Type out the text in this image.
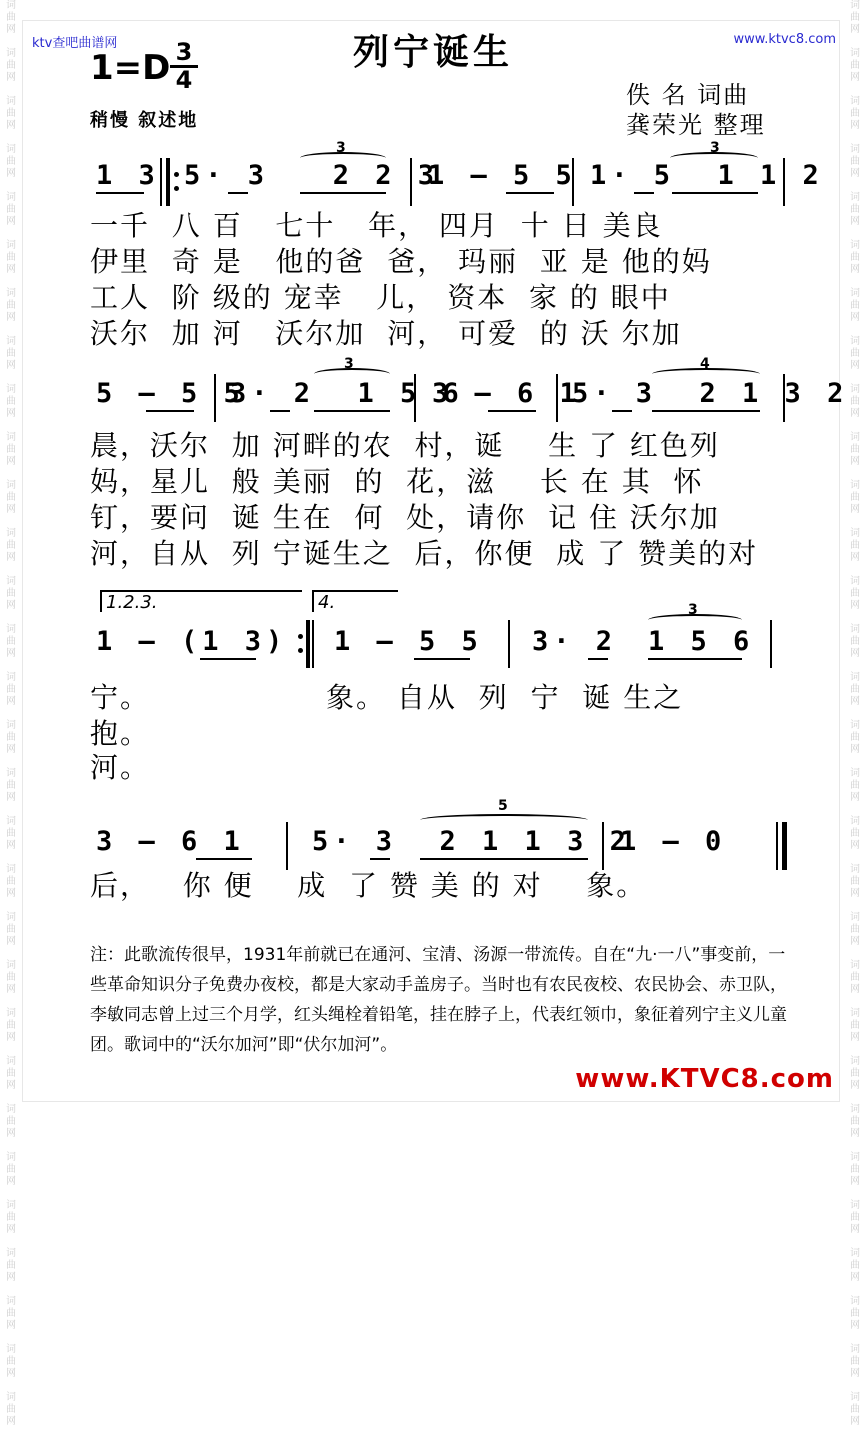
词
曲
网

词
曲
网

词
曲
网

词
曲
网

词
曲
网

词
曲
网

词
曲
网

词
曲
网

词
曲
网

词
曲
网

词
曲
网

词
曲
网

词
曲
网

词
曲
网

词
曲
网

词
曲
网

词
曲
网

词
曲
网

词
曲
网

词
曲
网

词
曲
网

词
曲
网

词
曲
网

词
曲
网

词
曲
网

词
曲
网

词
曲
网

词
曲
网

词
曲
网

词
曲
网

词
曲
网

词
曲
网

词
曲
网

词
曲
网

词
曲
网

词
曲
网

词
曲
网

词
曲
网

词
曲
网

词
曲
网

词
曲
网

词
曲
网

词
曲
网

词
曲
网

词
曲
网

词
曲
网

词
曲
网

词
曲
网

词
曲
网

词
曲
网

词
曲
网

词
曲
网

词
曲
网

词
曲
网

词
曲
网

词
曲
网

词
曲
网

词
曲
网

词
曲
网

词
曲
网

ktv查吧曲谱网	www.ktvc8.com
列宁诞生
1=D 3
4
稍慢 叙述地
佚 名 词曲
龚荣光 整理
1 3 5· 3   2 2 3
1 – 5 5 1· 5  1 1 2
3	3
一千  八 百   七十   年， 四月  十 日 美良
伊里  奇 是   他的爸  爸， 玛丽  亚 是 他的妈
工人  阶 级的 宠幸   儿， 资本  家 的 眼中
沃尔  加 河   沃尔加  河， 可爱  的 沃 尔加
5 – 5 5
3· 2  1 5 6
3 – 6 1
5· 3  2 1 3 2
3	4
晨，沃尔  加 河畔的农  村，诞    生 了 红色列
妈，星儿  般 美丽  的  花，滋    长 在 其  怀
钉，要问  诞 生在  何  处，请你  记 住 沃尔加
河，自从  列 宁诞生之  后，你便  成 了 赞美的对
1.2.3.	4.
1 – (1 3) 1 – 5 5 3· 2 1 5 6
3
宁。	象。 自从  列  宁  诞 生之
抱。
河。
3 – 6 1 5· 3  2 1 1 3 2
1 – 0
5
后，   你 便    成  了 赞 美 的 对    象。
注：此歌流传很早，1931年前就已在通河、宝清、汤源一带流传。自在“九·一八”事变前，一些革命知识分子免费办夜校，都是大家动手盖房子。当时也有农民夜校、农民协会、赤卫队，李敏同志曾上过三个月学，红头绳栓着铅笔，挂在脖子上，代表红领巾，象征着列宁主义儿童团。歌词中的“沃尔加河”即“伏尔加河”。
www.KTVC8.com
